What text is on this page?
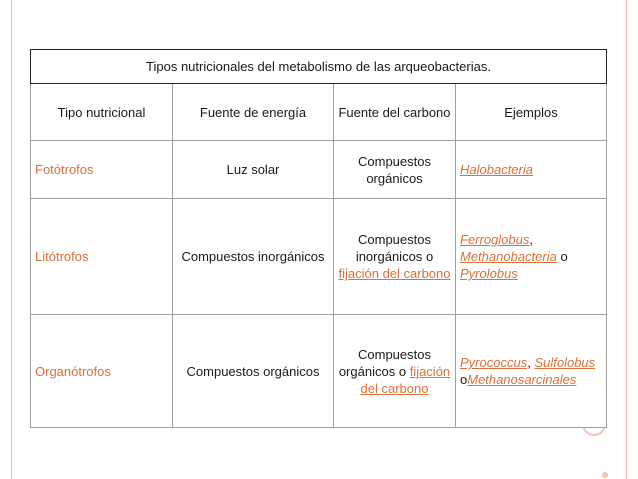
Tipos nutricionales del metabolismo de las arqueobacterias.			
Tipo nutricional	Fuente de energía	Fuente del carbono	Ejemplos
Fotótrofos	Luz solar	Compuestos orgánicos	Halobacteria
Litótrofos	Compuestos inorgánicos	Compuestos inorgánicos o fijación del carbono	Ferroglobus, Methanobacteria o Pyrolobus
Organótrofos	Compuestos orgánicos	Compuestos orgánicos o fijación del carbono	Pyrococcus, Sulfolobus oMethanosarcinales
